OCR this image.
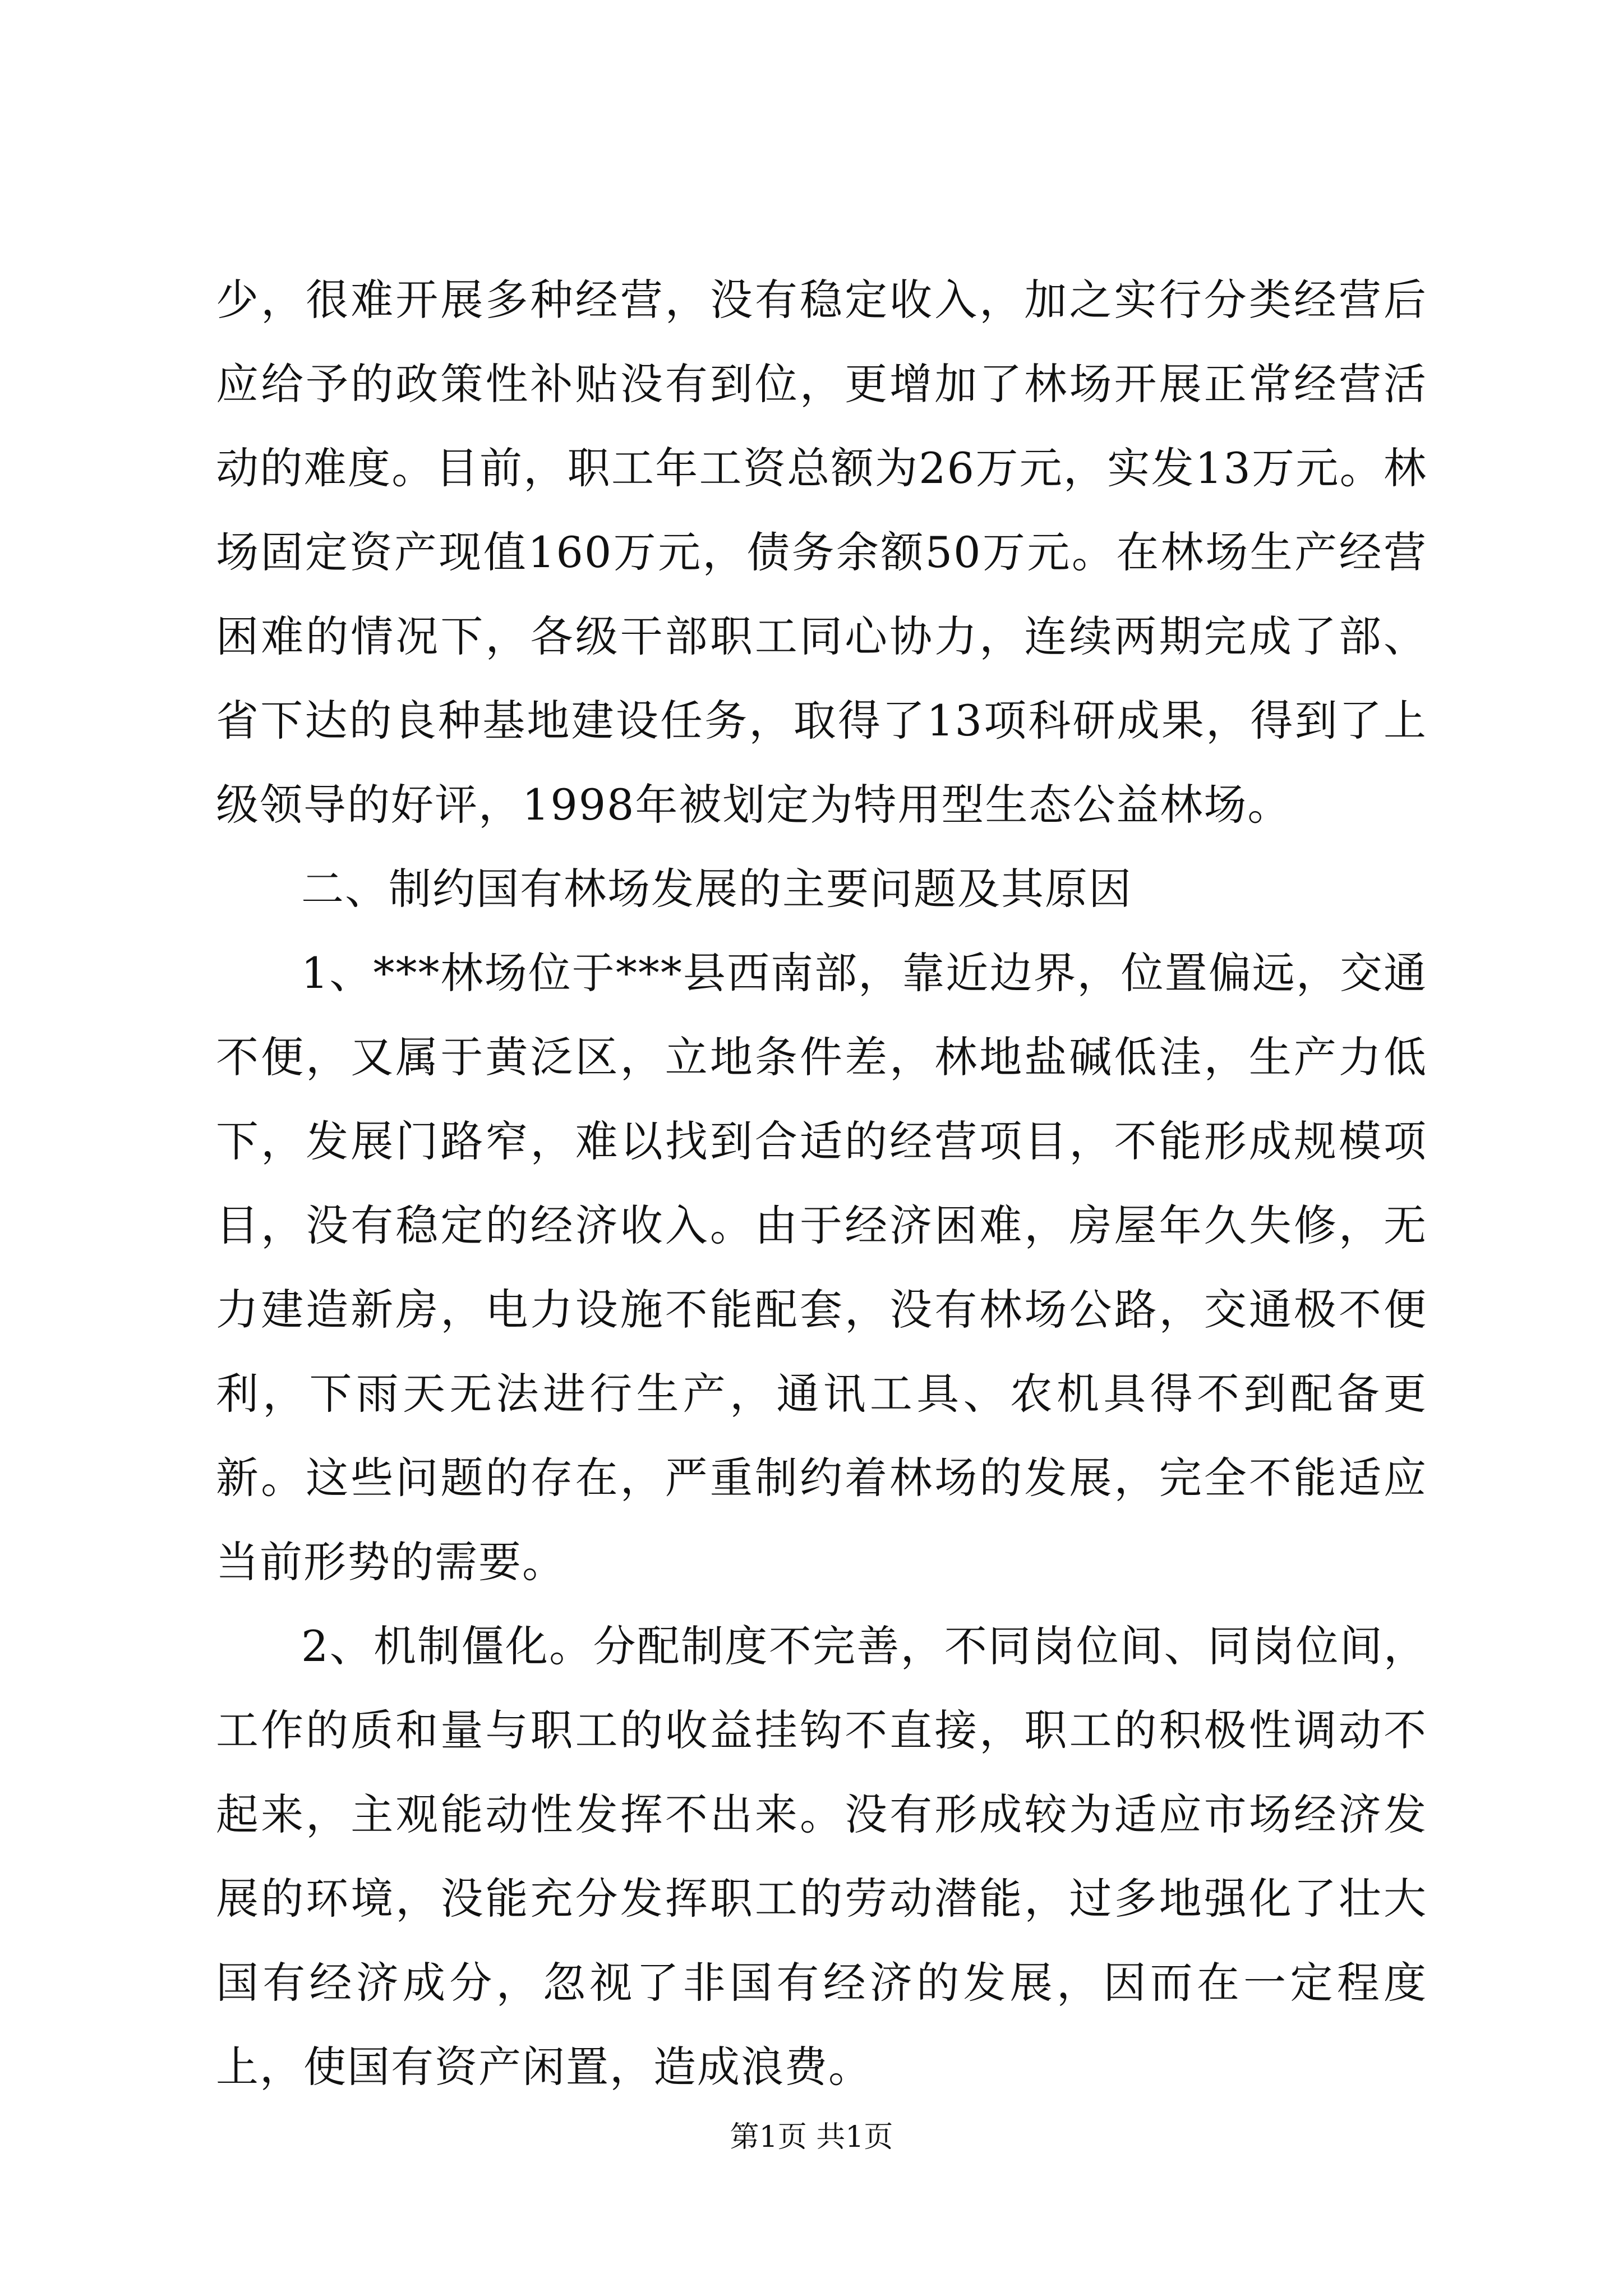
少，很难开展多种经营，没有稳定收入，加之实行分类经营后应给予的政策性补贴没有到位，更增加了林场开展正常经营活动的难度。目前，职工年工资总额为26万元，实发13万元。林场固定资产现值160万元，债务余额50万元。在林场生产经营困难的情况下，各级干部职工同心协力，连续两期完成了部、省下达的良种基地建设任务，取得了13项科研成果，得到了上级领导的好评，1998年被划定为特用型生态公益林场。

二、制约国有林场发展的主要问题及其原因

1、***林场位于***县西南部，靠近边界，位置偏远，交通不便，又属于黄泛区，立地条件差，林地盐碱低洼，生产力低下，发展门路窄，难以找到合适的经营项目，不能形成规模项目，没有稳定的经济收入。由于经济困难，房屋年久失修，无力建造新房，电力设施不能配套，没有林场公路，交通极不便利，下雨天无法进行生产，通讯工具、农机具得不到配备更新。这些问题的存在，严重制约着林场的发展，完全不能适应当前形势的需要。

2、机制僵化。分配制度不完善，不同岗位间、同岗位间，工作的质和量与职工的收益挂钩不直接，职工的积极性调动不起来，主观能动性发挥不出来。没有形成较为适应市场经济发展的环境，没能充分发挥职工的劳动潜能，过多地强化了壮大国有经济成分，忽视了非国有经济的发展，因而在一定程度上，使国有资产闲置，造成浪费。

第1页 共1页
